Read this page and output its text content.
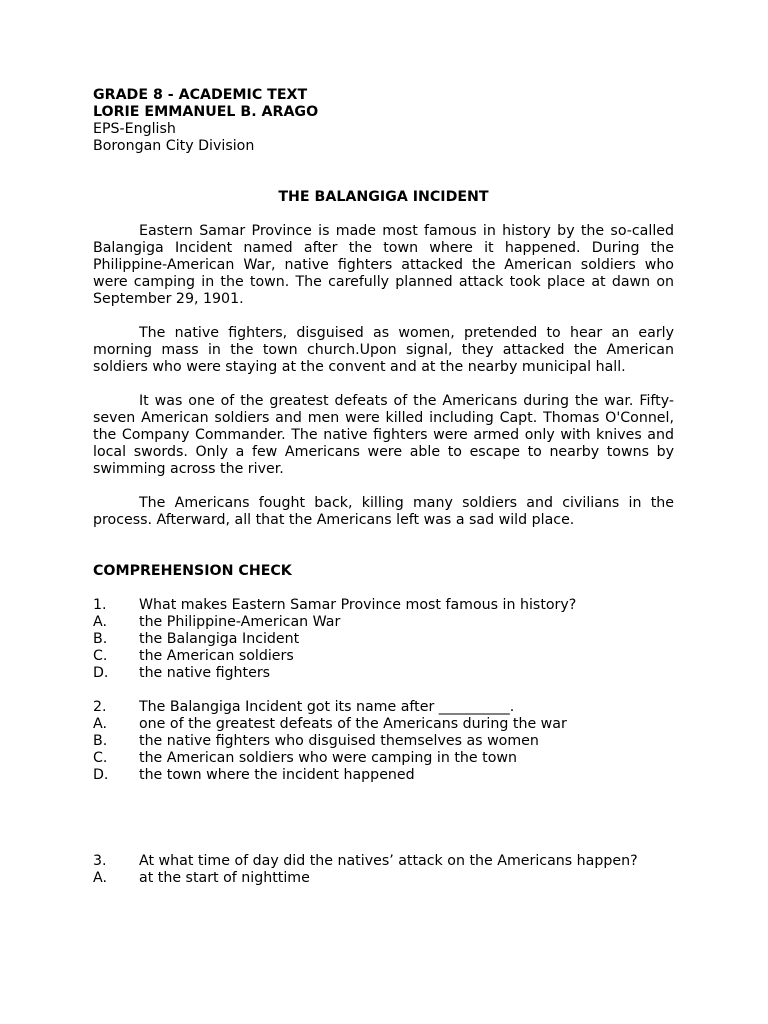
GRADE 8 - ACADEMIC TEXT

LORIE EMMANUEL B. ARAGO

EPS-English

Borongan City Division

THE BALANGIGA INCIDENT

Eastern Samar Province is made most famous in history by the so-called Balangiga Incident named after the town where it happened. During the Philippine-American War, native fighters attacked the American soldiers who were camping in the town. The carefully planned attack took place at dawn on September 29, 1901.

The native fighters, disguised as women, pretended to hear an early morning mass in the town church.Upon signal, they attacked the American soldiers who were staying at the convent and at the nearby municipal hall.

It was one of the greatest defeats of the Americans during the war. Fifty-seven American soldiers and men were killed including Capt. Thomas O'Connel, the Company Commander. The native fighters were armed only with knives and local swords. Only a few Americans were able to escape to nearby towns by swimming across the river.

The Americans fought back, killing many soldiers and civilians in the process. Afterward, all that the Americans left was a sad wild place.

COMPREHENSION CHECK

1.	What makes Eastern Samar Province most famous in history?
A.	the Philippine-American War
B.	the Balangiga Incident
C.	the American soldiers
D.	the native fighters
2.	The Balangiga Incident got its name after __________.
A.	one of the greatest defeats of the Americans during the war
B.	the native fighters who disguised themselves as women
C.	the American soldiers who were camping in the town
D.	the town where the incident happened
3.	At what time of day did the natives’ attack on the Americans happen?
A.	at the start of nighttime
